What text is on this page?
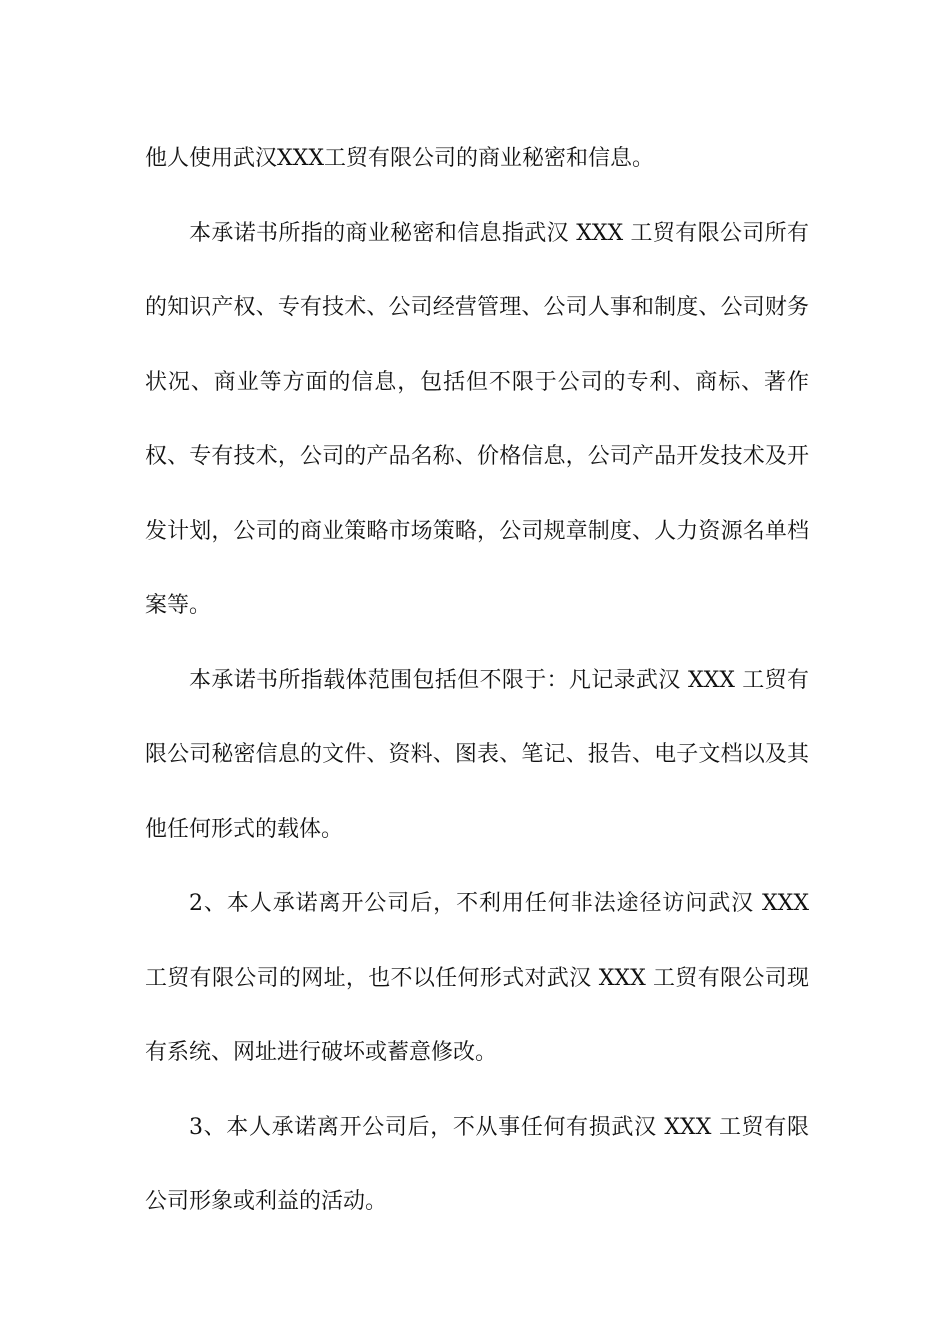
他人使用武汉XXX工贸有限公司的商业秘密和信息。

本承诺书所指的商业秘密和信息指武汉 XXX 工贸有限公司所有的知识产权、专有技术、公司经营管理、公司人事和制度、公司财务状况、商业等方面的信息，包括但不限于公司的专利、商标、著作权、专有技术，公司的产品名称、价格信息，公司产品开发技术及开发计划，公司的商业策略市场策略，公司规章制度、人力资源名单档案等。

本承诺书所指载体范围包括但不限于：凡记录武汉 XXX 工贸有限公司秘密信息的文件、资料、图表、笔记、报告、电子文档以及其他任何形式的载体。

2、本人承诺离开公司后，不利用任何非法途径访问武汉 XXX 工贸有限公司的网址，也不以任何形式对武汉 XXX 工贸有限公司现有系统、网址进行破坏或蓄意修改。

3、本人承诺离开公司后，不从事任何有损武汉 XXX 工贸有限公司形象或利益的活动。
